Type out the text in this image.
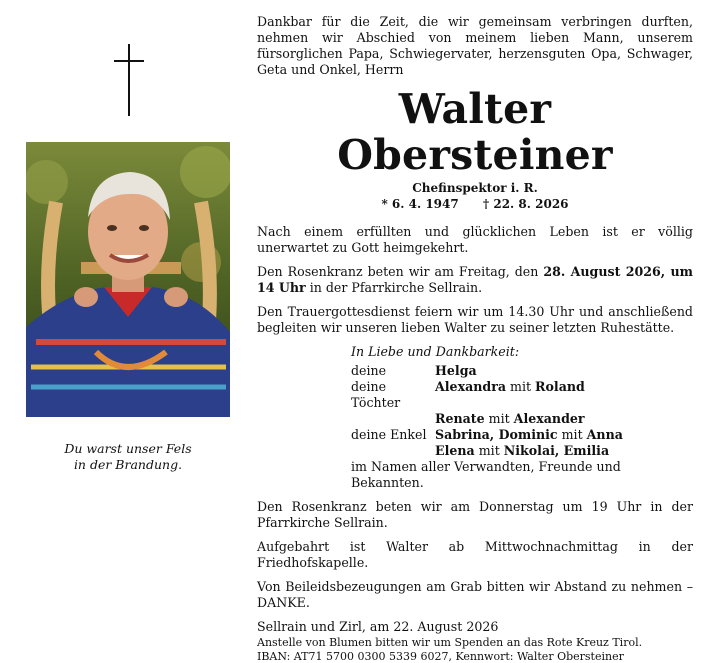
Du warst unser Fels
in der Brandung.
Dankbar für die Zeit, die wir gemeinsam verbringen durften, nehmen wir Abschied von meinem lieben Mann, unserem fürsorglichen Papa, Schwiegervater, herzensguten Opa, Schwager, Geta und Onkel, Herrn
Walter Obersteiner
Chefinspektor i. R.
* 6. 4. 1947 † 22. 8. 2026

Nach einem erfüllten und glücklichen Leben ist er völlig unerwartet zu Gott heimgekehrt.

Den Rosenkranz beten wir am Freitag, den 28. August 2026, um 14 Uhr in der Pfarrkirche Sellrain.

Den Trauergottesdienst feiern wir um 14.30 Uhr und anschließend begleiten wir unseren lieben Walter zu seiner letzten Ruhestätte.

In Liebe und Dankbarkeit:
deine	Helga
deine Töchter
Alexandra mit Roland
Renate mit Alexander
deine Enkel Sabrina, Dominic mit Anna
Elena mit Nikolai, Emilia
im Namen aller Verwandten, Freunde und Bekannten.

Den Rosenkranz beten wir am Donnerstag um 19 Uhr in der Pfarrkirche Sellrain.

Aufgebahrt ist Walter ab Mittwochnachmittag in der Friedhofskapelle.

Von Beileidsbezeugungen am Grab bitten wir Abstand zu nehmen – DANKE.

Sellrain und Zirl, am 22. August 2026

Anstelle von Blumen bitten wir um Spenden an das Rote Kreuz Tirol.
IBAN: AT71 5700 0300 5339 6027, Kennwort: Walter Obersteiner
